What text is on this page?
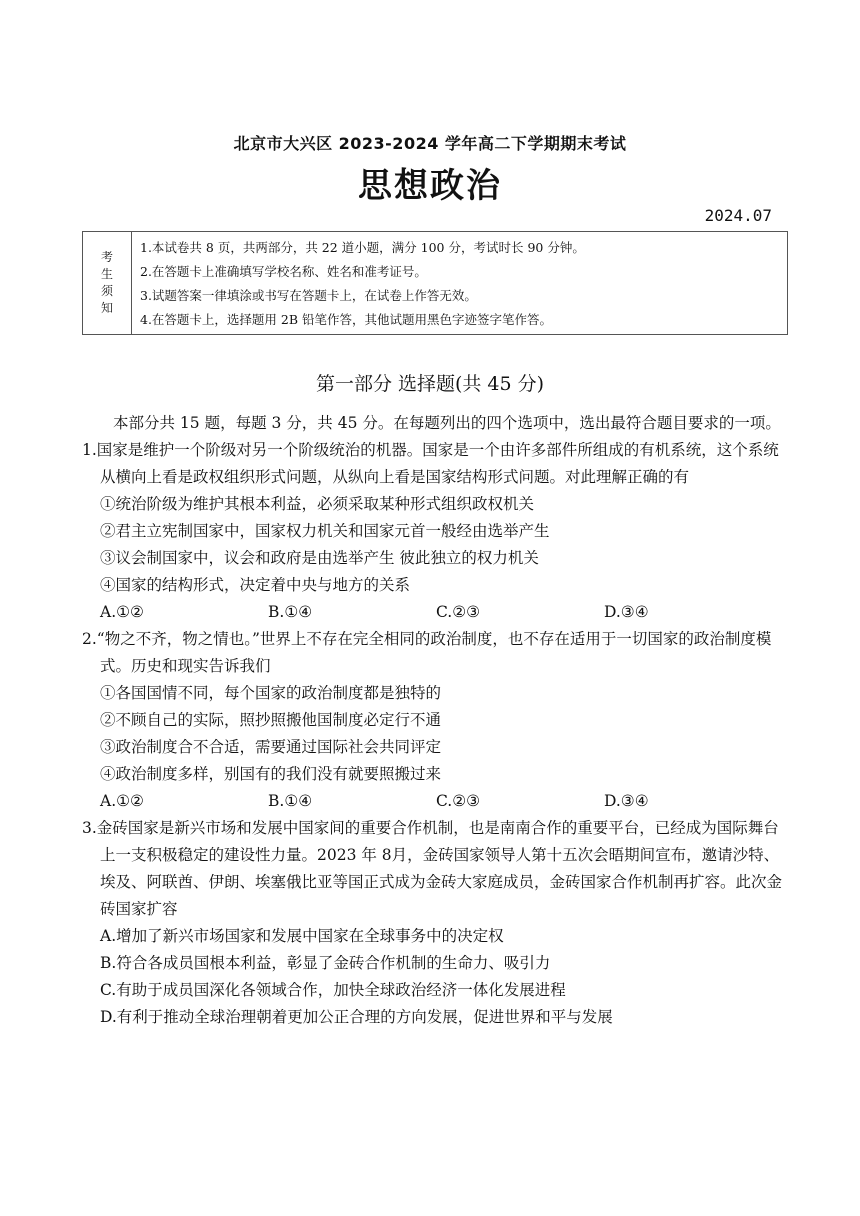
北京市大兴区 2023-2024 学年高二下学期期末考试
思想政治
2024.07
考
生
须
知
1.本试卷共 8 页，共两部分，共 22 道小题，满分 100 分，考试时长 90 分钟。
2.在答题卡上准确填写学校名称、姓名和准考证号。
3.试题答案一律填涂或书写在答题卡上，在试卷上作答无效。
4.在答题卡上，选择题用 2B 铅笔作答，其他试题用黑色字迹签字笔作答。
第一部分 选择题(共 45 分)

本部分共 15 题，每题 3 分，共 45 分。在每题列出的四个选项中，选出最符合题目要求的一项。

1.国家是维护一个阶级对另一个阶级统治的机器。国家是一个由许多部件所组成的有机系统，这个系统从横向上看是政权组织形式问题，从纵向上看是国家结构形式问题。对此理解正确的有
①统治阶级为维护其根本利益，必须采取某种形式组织政权机关
②君主立宪制国家中，国家权力机关和国家元首一般经由选举产生
③议会制国家中，议会和政府是由选举产生 彼此独立的权力机关
④国家的结构形式，决定着中央与地方的关系
A.①②	B.①④	C.②③	D.③④
2.“物之不齐，物之情也。”世界上不存在完全相同的政治制度，也不存在适用于一切国家的政治制度模式。历史和现实告诉我们
①各国国情不同，每个国家的政治制度都是独特的
②不顾自己的实际，照抄照搬他国制度必定行不通
③政治制度合不合适，需要通过国际社会共同评定
④政治制度多样，别国有的我们没有就要照搬过来
A.①②	B.①④	C.②③	D.③④
3.金砖国家是新兴市场和发展中国家间的重要合作机制，也是南南合作的重要平台，已经成为国际舞台上一支积极稳定的建设性力量。2023 年 8月，金砖国家领导人第十五次会晤期间宣布，邀请沙特、埃及、阿联酋、伊朗、埃塞俄比亚等国正式成为金砖大家庭成员，金砖国家合作机制再扩容。此次金砖国家扩容
A.增加了新兴市场国家和发展中国家在全球事务中的决定权
B.符合各成员国根本利益，彰显了金砖合作机制的生命力、吸引力
C.有助于成员国深化各领域合作，加快全球政治经济一体化发展进程
D.有利于推动全球治理朝着更加公正合理的方向发展，促进世界和平与发展
